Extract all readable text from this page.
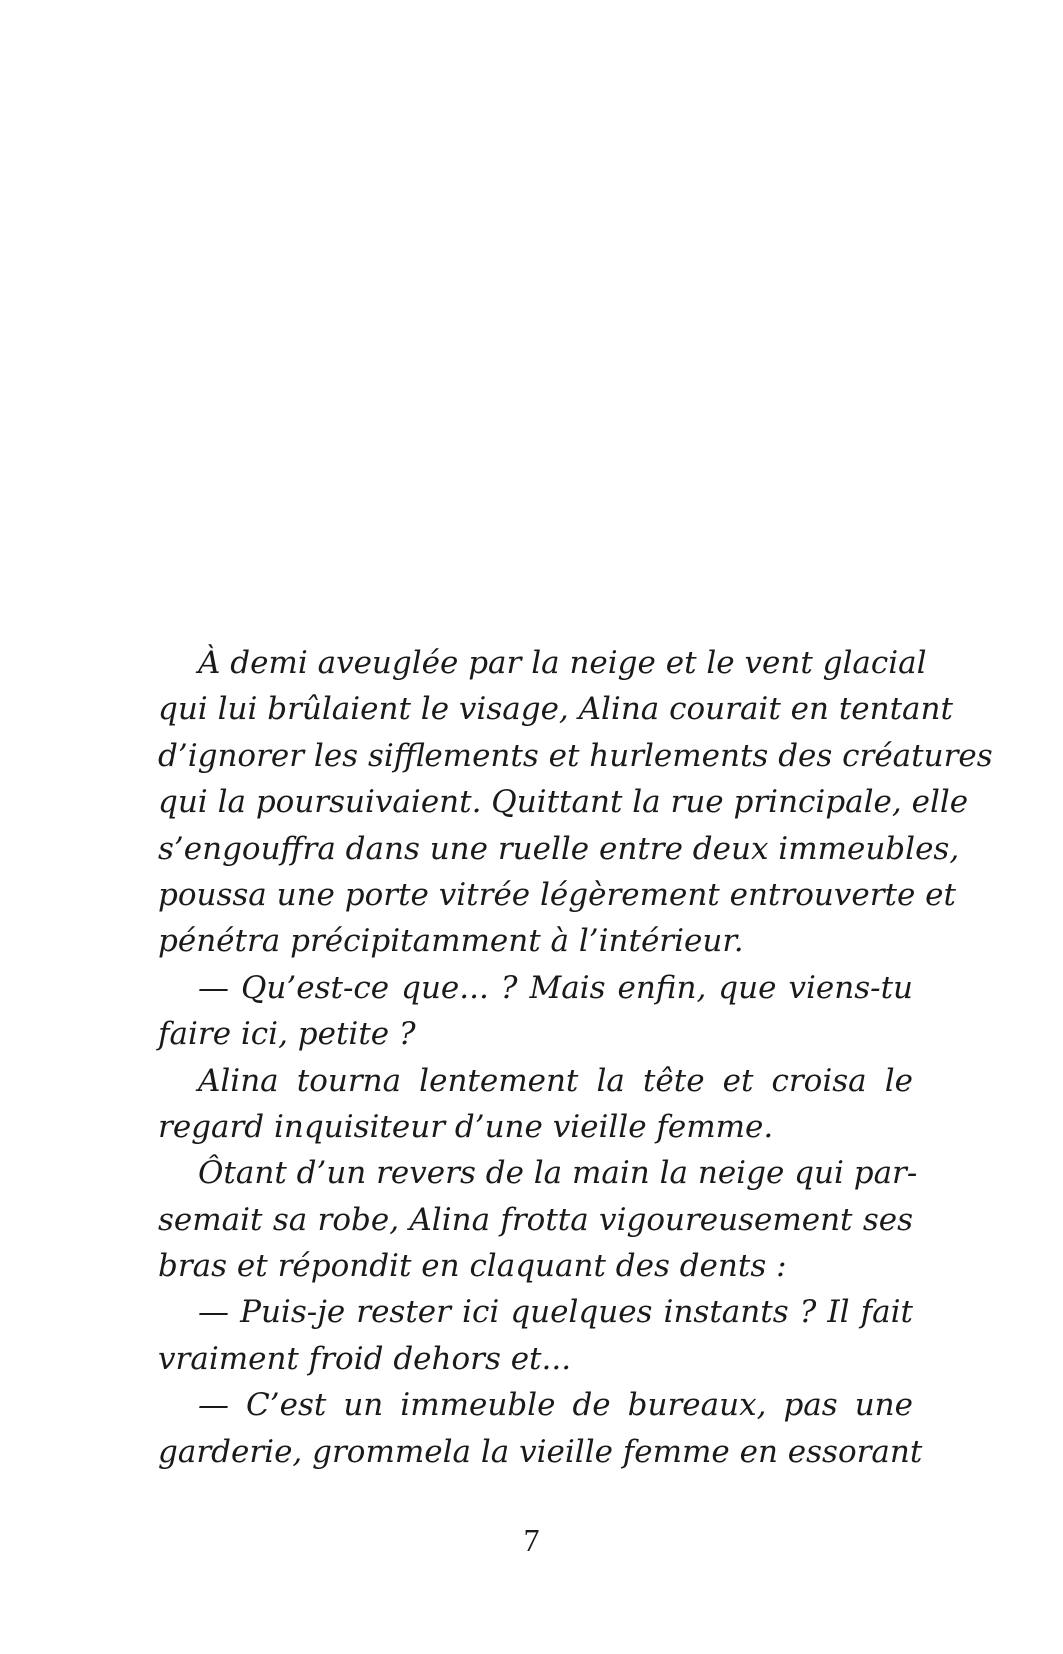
À demi aveuglée par la neige et le vent glacial
qui lui brûlaient le visage, Alina courait en tentant
d’ignorer les sifflements et hurlements des créatures
qui la poursuivaient. Quittant la rue principale, elle
s’engouffra dans une ruelle entre deux immeubles,
poussa une porte vitrée légèrement entrouverte et
pénétra précipitamment à l’intérieur.
— Qu’est-ce que... ? Mais enfin, que viens-tu
faire ici, petite ?
Alina tourna lentement la tête et croisa le
regard inquisiteur d’une vieille femme.
Ôtant d’un revers de la main la neige qui par-
semait sa robe, Alina frotta vigoureusement ses
bras et répondit en claquant des dents :
— Puis-je rester ici quelques instants ? Il fait
vraiment froid dehors et...
— C’est un immeuble de bureaux, pas une
garderie, grommela la vieille femme en essorant
7
